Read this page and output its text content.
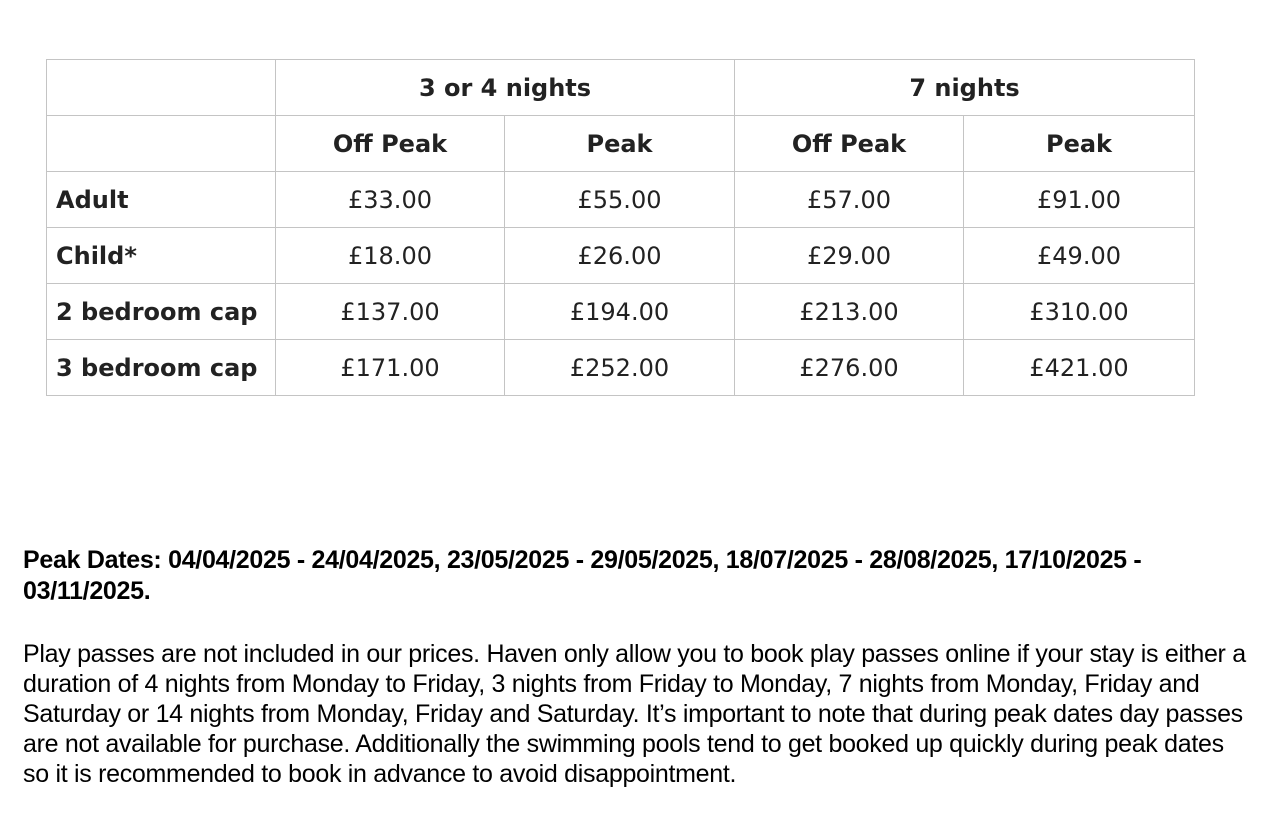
	3 or 4 nights		7 nights	
	Off Peak	Peak	Off Peak	Peak
Adult	£33.00	£55.00	£57.00	£91.00
Child*	£18.00	£26.00	£29.00	£49.00
2 bedroom cap	£137.00	£194.00	£213.00	£310.00
3 bedroom cap	£171.00	£252.00	£276.00	£421.00

Peak Dates: 04/04/2025 - 24/04/2025, 23/05/2025 - 29/05/2025, 18/07/2025 - 28/08/2025, 17/10/2025 - 03/11/2025.

Play passes are not included in our prices. Haven only allow you to book play passes online if your stay is either a duration of 4 nights from Monday to Friday, 3 nights from Friday to Monday, 7 nights from Monday, Friday and Saturday or 14 nights from Monday, Friday and Saturday. It’s important to note that during peak dates day passes are not available for purchase. Additionally the swimming pools tend to get booked up quickly during peak dates so it is recommended to book in advance to avoid disappointment.
